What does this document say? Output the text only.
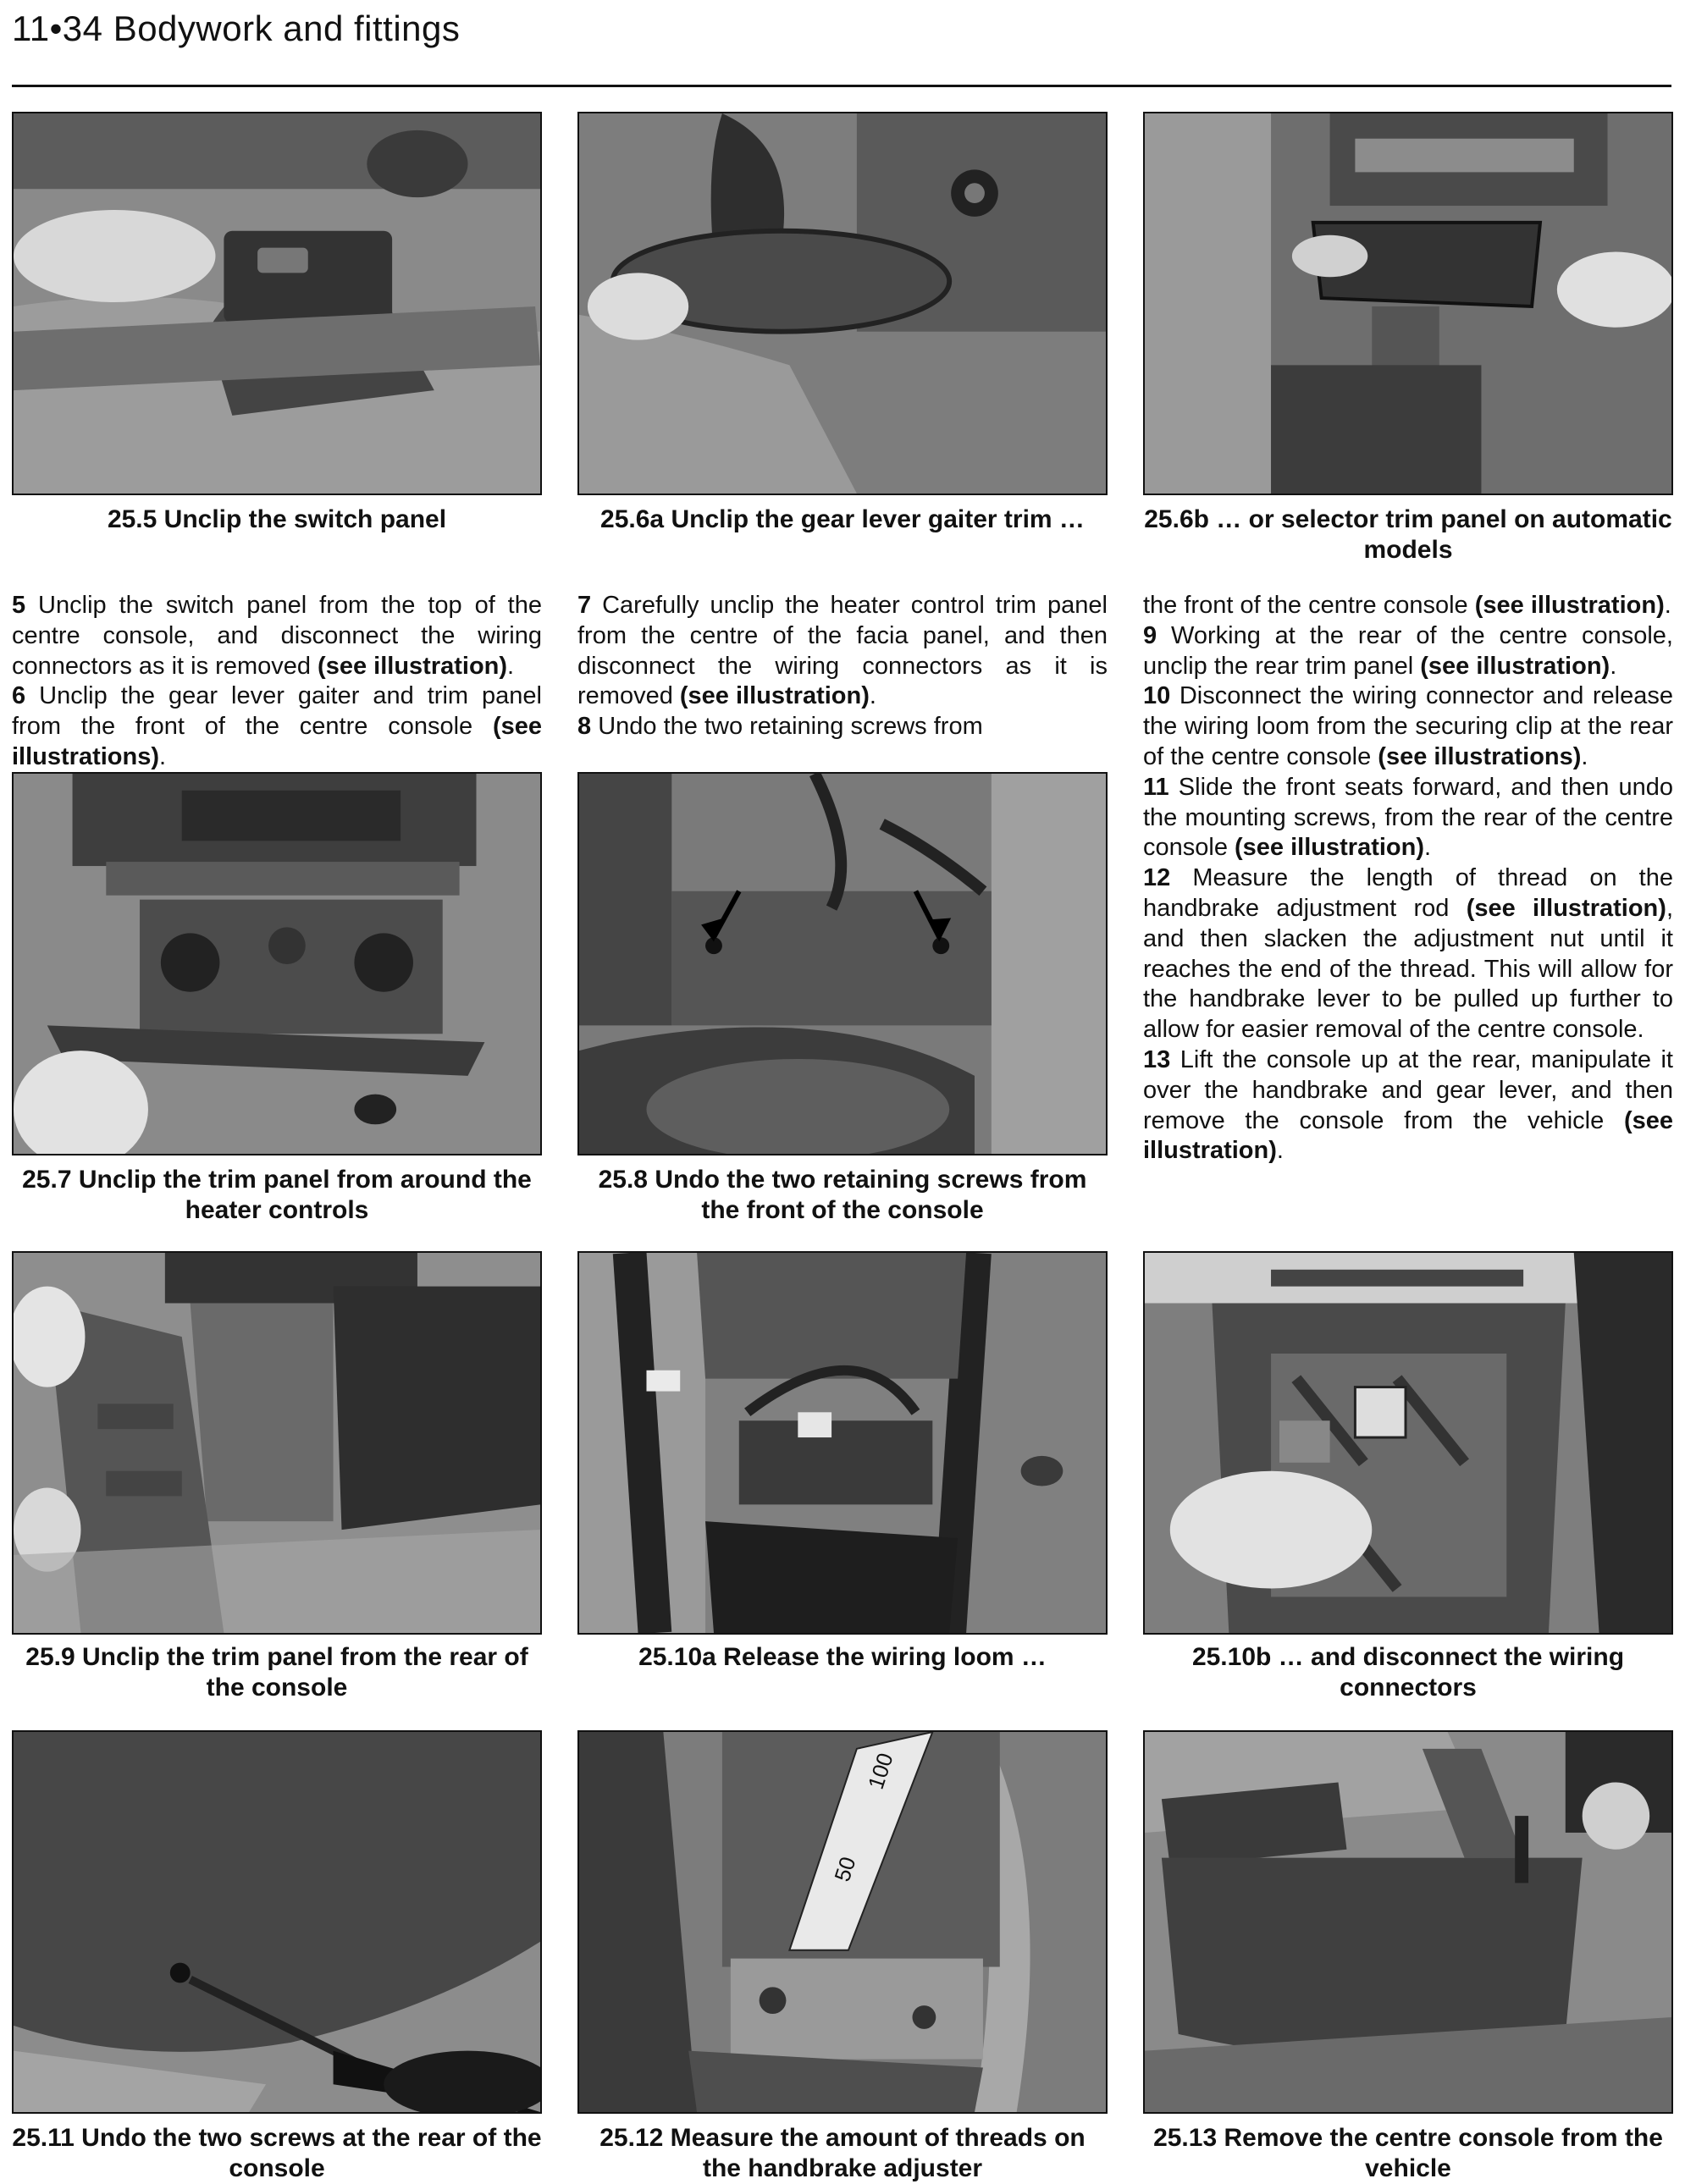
11•34 Bodywork and fittings
25.5 Unclip the switch panel	25.6a Unclip the gear lever gaiter trim …	25.6b … or selector trim panel on automatic models

5 Unclip the switch panel from the top of the centre console, and disconnect the wiring connectors as it is removed (see illustration).

6 Unclip the gear lever gaiter and trim panel from the front of the centre console (see illustrations).

7 Carefully unclip the heater control trim panel from the centre of the facia panel, and then disconnect the wiring connectors as it is removed (see illustration).

8 Undo the two retaining screws from

the front of the centre console (see illustration).

9 Working at the rear of the centre console, unclip the rear trim panel (see illustration).

10 Disconnect the wiring connector and release the wiring loom from the securing clip at the rear of the centre console (see illustrations).

11 Slide the front seats forward, and then undo the mounting screws, from the rear of the centre console (see illustration).

12 Measure the length of thread on the handbrake adjustment rod (see illustration), and then slacken the adjustment nut until it reaches the end of the thread. This will allow for the handbrake lever to be pulled up further to allow for easier removal of the centre console.

13 Lift the console up at the rear, manipulate it over the handbrake and gear lever, and then remove the console from the vehicle (see illustration).

25.7 Unclip the trim panel from around the heater controls
25.8 Undo the two retaining screws from the front of the console
25.9 Unclip the trim panel from the rear of the console
25.10a Release the wiring loom …	25.10b … and disconnect the wiring connectors
100
50
25.11 Undo the two screws at the rear of the console
25.12 Measure the amount of threads on the handbrake adjuster
25.13 Remove the centre console from the vehicle
